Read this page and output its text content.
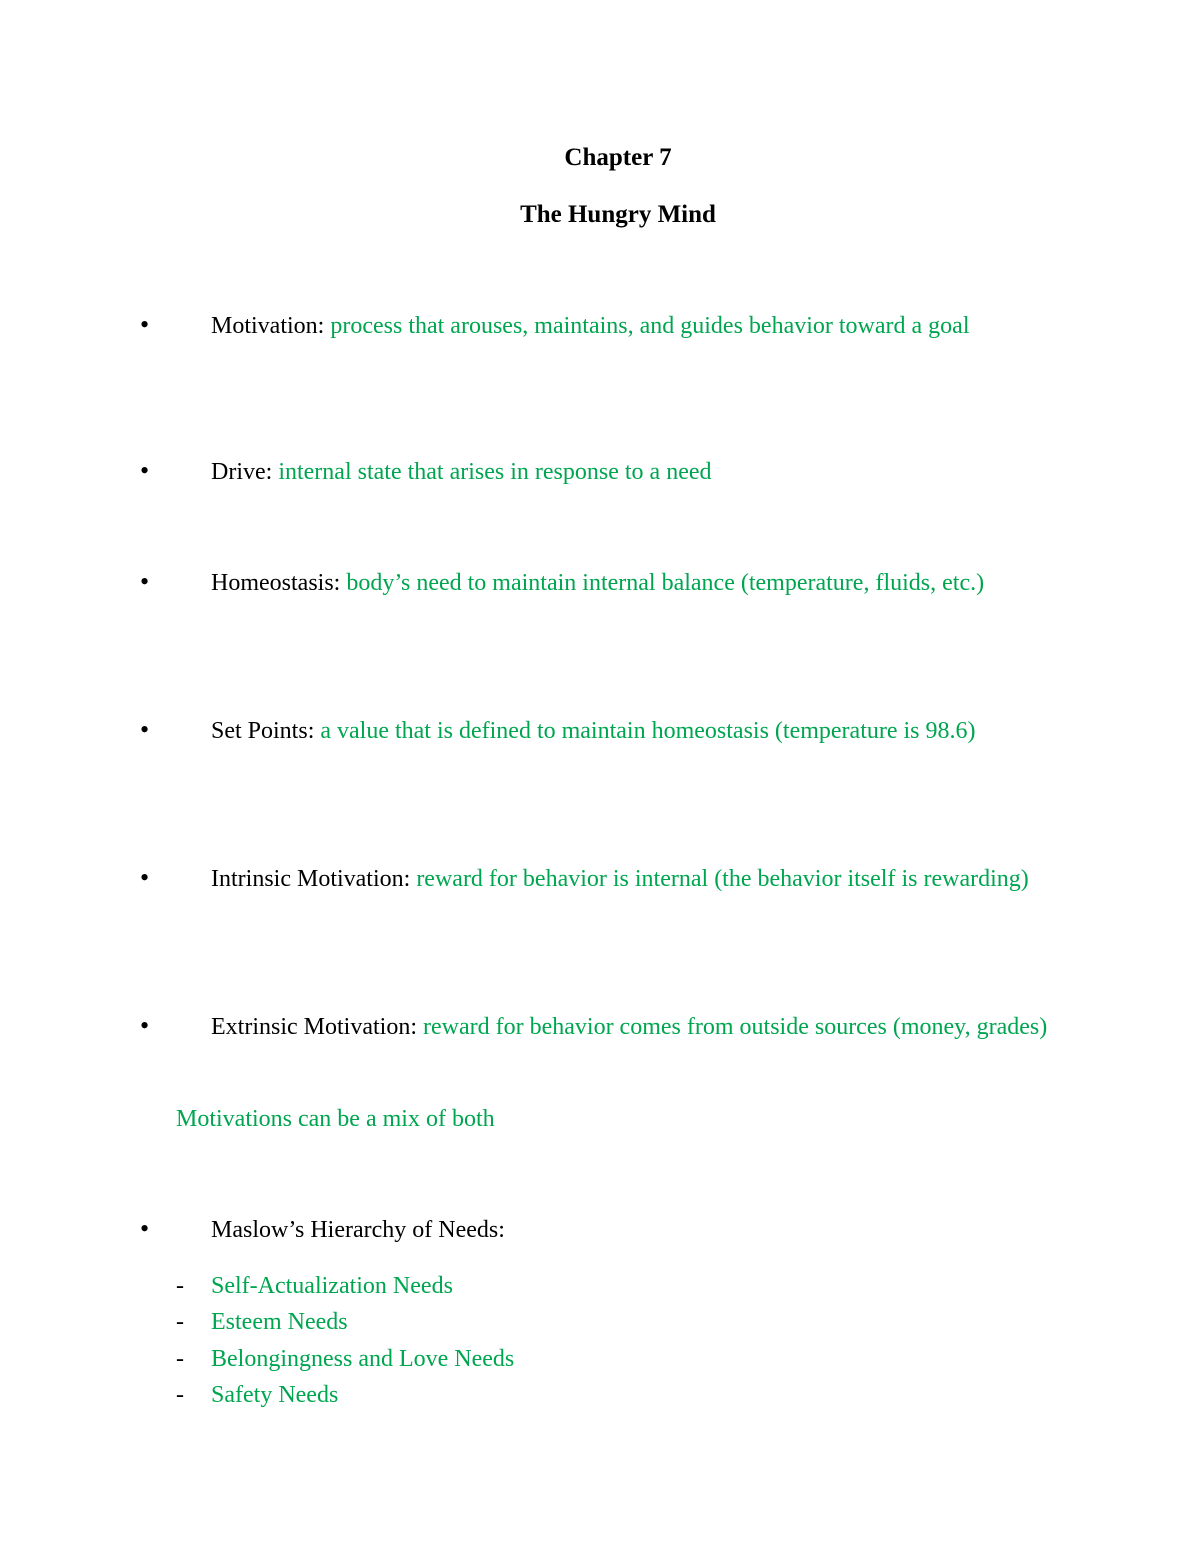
Chapter 7
The Hungry Mind
•	Motivation: process that arouses, maintains, and guides behavior toward a goal
•	Drive: internal state that arises in response to a need
•	Homeostasis: body’s need to maintain internal balance (temperature, fluids, etc.)
•	Set Points: a value that is defined to maintain homeostasis (temperature is 98.6)
•	Intrinsic Motivation: reward for behavior is internal (the behavior itself is rewarding)
•	Extrinsic Motivation: reward for behavior comes from outside sources (money, grades)
Motivations can be a mix of both
•	Maslow’s Hierarchy of Needs:
- Self-Actualization Needs
- Esteem Needs
- Belongingness and Love Needs
- Safety Needs
